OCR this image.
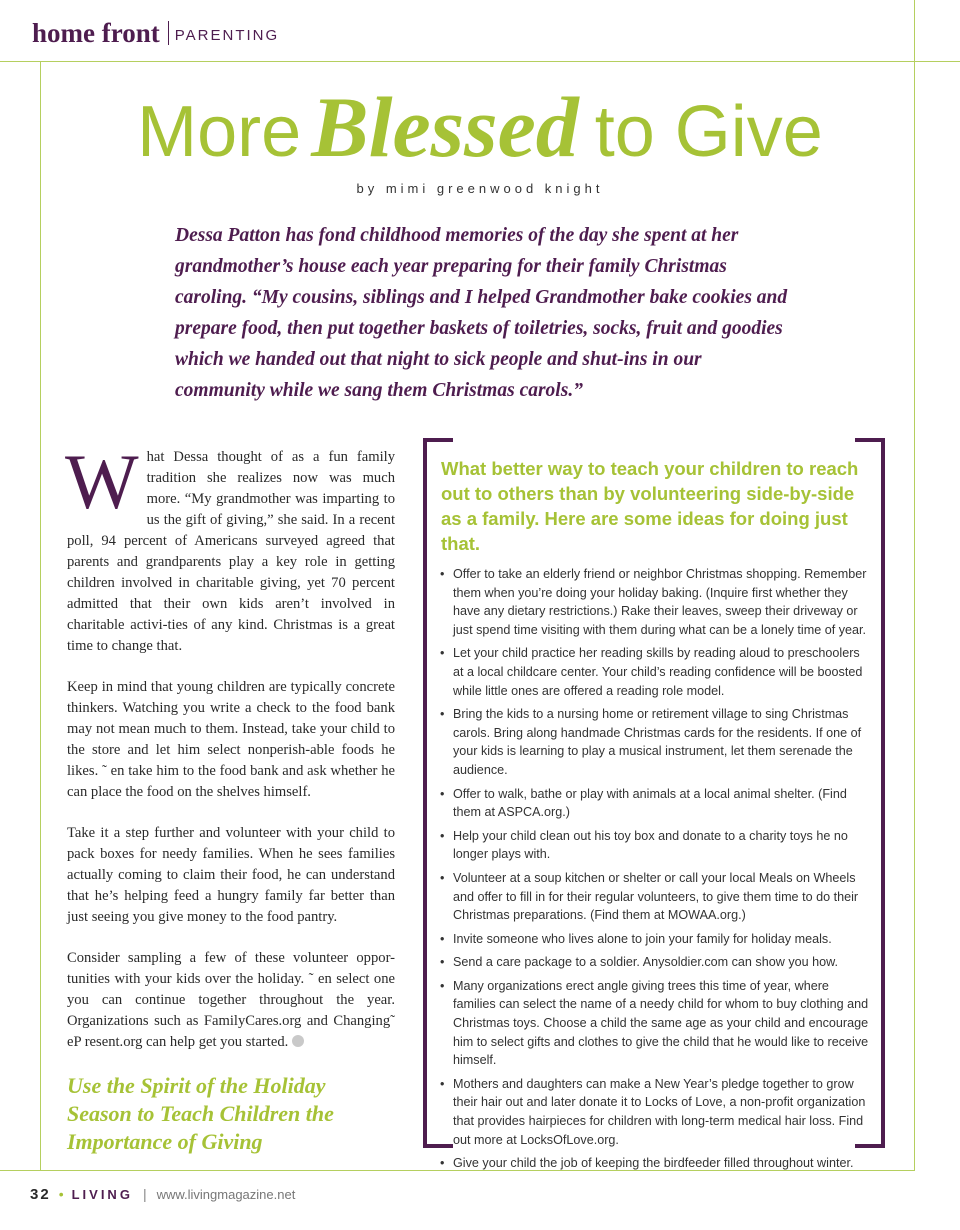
home front PARENTING
More Blessed to Give
by mimi greenwood knight
Dessa Patton has fond childhood memories of the day she spent at her grandmother’s house each year preparing for their family Christmas caroling. “My cousins, siblings and I helped Grandmother bake cookies and prepare food, then put together baskets of toiletries, socks, fruit and goodies which we handed out that night to sick people and shut-ins in our community while we sang them Christmas carols.”

What Dessa thought of as a fun family tradition she realizes now was much more. “My grandmother was imparting to us the gift of giving,” she said. In a recent poll, 94 percent of Americans surveyed agreed that parents and grandparents play a key role in getting children involved in charitable giving, yet 70 percent admitted that their own kids aren’t involved in charitable activi-ties of any kind. Christmas is a great time to change that.

Keep in mind that young children are typically concrete thinkers. Watching you write a check to the food bank may not mean much to them. Instead, take your child to the store and let him select nonperish-able foods he likes. ˜ en take him to the food bank and ask whether he can place the food on the shelves himself.

Take it a step further and volunteer with your child to pack boxes for needy families. When he sees families actually coming to claim their food, he can understand that he’s helping feed a hungry family far better than just seeing you give money to the food pantry.

Consider sampling a few of these volunteer oppor-tunities with your kids over the holiday. ˜ en select one you can continue together throughout the year. Organizations such as FamilyCares.org and Changing˜ eP resent.org can help get you started.

Use the Spirit of the Holiday Season to Teach Children the Importance of Giving
What better way to teach your children to reach out to others than by volunteering side-by-side as a family. Here are some ideas for doing just that.
• Offer to take an elderly friend or neighbor Christmas shopping. Remember them when you’re doing your holiday baking. (Inquire first whether they have any dietary restrictions.) Rake their leaves, sweep their driveway or just spend time visiting with them during what can be a lonely time of year.
• Let your child practice her reading skills by reading aloud to preschoolers at a local childcare center. Your child’s reading confidence will be boosted while little ones are offered a reading role model.
• Bring the kids to a nursing home or retirement village to sing Christmas carols. Bring along handmade Christmas cards for the residents. If one of your kids is learning to play a musical instrument, let them serenade the audience.
• Offer to walk, bathe or play with animals at a local animal shelter. (Find them at ASPCA.org.)
• Help your child clean out his toy box and donate to a charity toys he no longer plays with.
• Volunteer at a soup kitchen or shelter or call your local Meals on Wheels and offer to fill in for their regular volunteers, to give them time to do their Christmas preparations. (Find them at MOWAA.org.)
• Invite someone who lives alone to join your family for holiday meals.
• Send a care package to a soldier. Anysoldier.com can show you how.
• Many organizations erect angle giving trees this time of year, where families can select the name of a needy child for whom to buy clothing and Christmas toys. Choose a child the same age as your child and encourage him to select gifts and clothes to give the child that he would like to receive himself.
• Mothers and daughters can make a New Year’s pledge together to grow their hair out and later donate it to Locks of Love, a non-profit organization that provides hairpieces for children with long-term medical hair loss. Find out more at LocksOfLove.org.
• Give your child the job of keeping the birdfeeder filled throughout winter.
32 • LIVING | www.livingmagazine.net
